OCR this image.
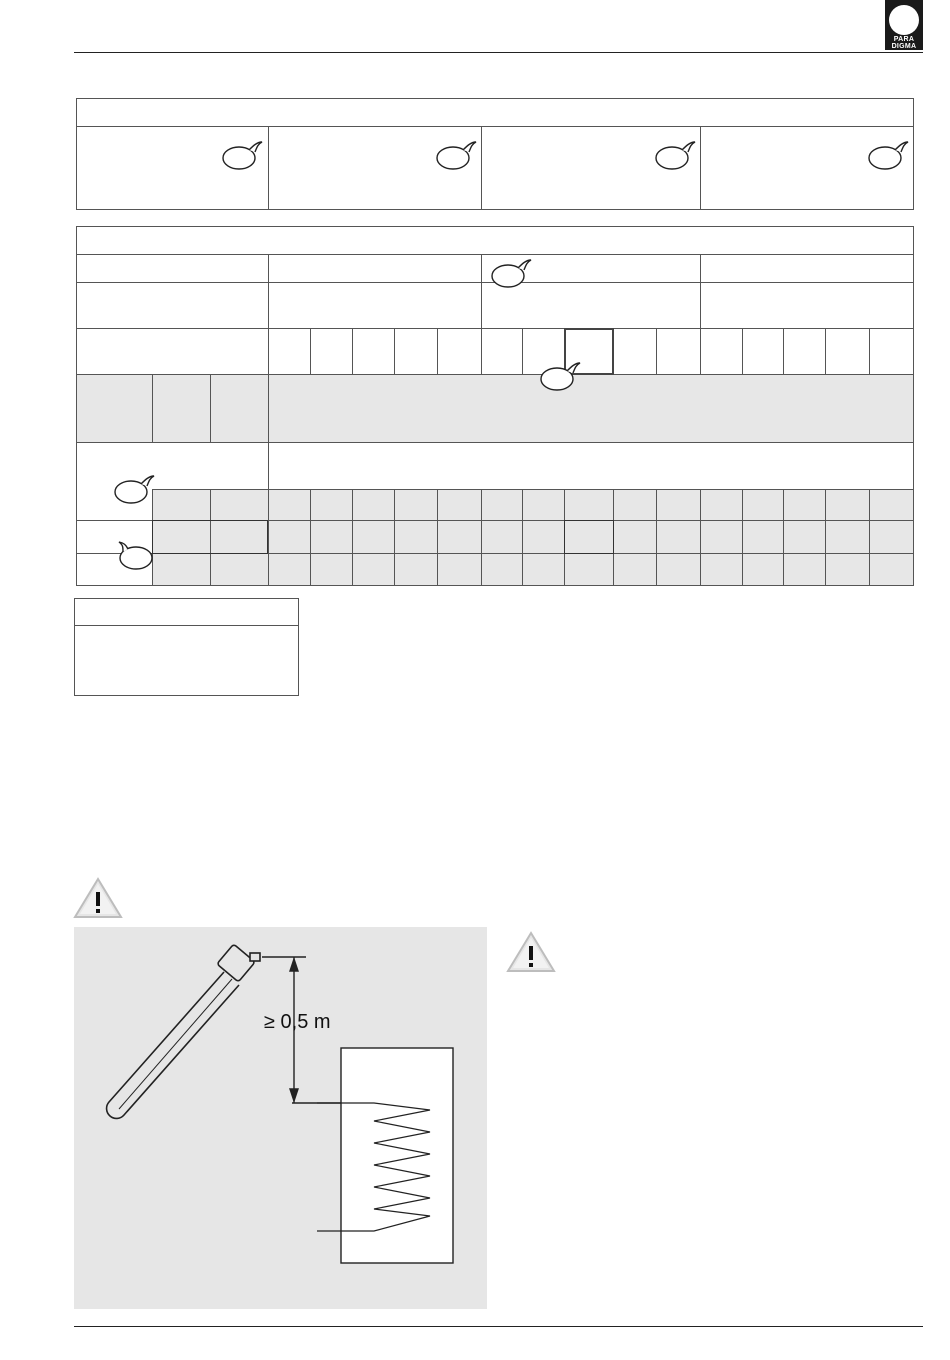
PARA
DIGMA
≥ 0,5 m
